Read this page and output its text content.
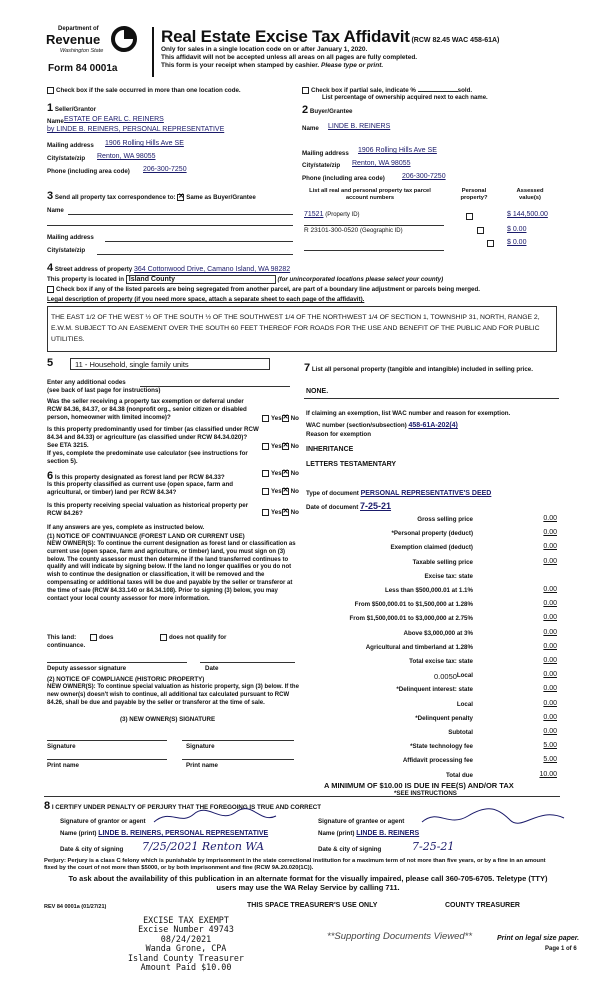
Department of
Revenue
Washington State
Form 84 0001a
Real Estate Excise Tax Affidavit (RCW 82.45 WAC 458-61A)
Only for sales in a single location code on or after January 1, 2020.
This affidavit will not be accepted unless all areas on all pages are fully completed.
This form is your receipt when stamped by cashier. Please type or print.
Check box if the sale occurred in more than one location code.	Check box if partial sale, indicate %	sold.
List percentage of ownership acquired next to each name.
1 Seller/Grantor
Name ESTATE OF EARL C. REINERS
by LINDE B. REINERS, PERSONAL REPRESENTATIVE
Mailing address 1906 Rolling Hills Ave SE
City/state/zip Renton, WA 98055
Phone (including area code) 206-300-7250
2 Buyer/Grantee
Name LINDE B. REINERS
Mailing address 1906 Rolling Hills Ave SE
City/state/zip Renton, WA 98055
Phone (including area code) 206-300-7250
3 Send all property tax correspondence to: ✕ Same as Buyer/Grantee
Name
Mailing address
City/state/zip
List all real and personal property tax parcel account numbers
Personal property?
Assessed value(s)
71521 (Property ID)
	$ 144,500.00
R 23101-300-0520 (Geographic ID)
	$ 0.00
$ 0.00
4 Street address of property 364 Cottonwood Drive, Camano Island, WA 98282
This property is located in Island County	(for unincorporated locations please select your county)
Check box if any of the listed parcels are being segregated from another parcel, are part of a boundary line adjustment or parcels being merged.
Legal description of property (if you need more space, attach a separate sheet to each page of the affidavit).
THE EAST 1/2 OF THE WEST ½ OF THE SOUTH ½ OF THE SOUTHWEST 1/4 OF THE NORTHWEST 1/4 OF SECTION 1, TOWNSHIP 31, NORTH, RANGE 2, E.W.M. SUBJECT TO AN EASEMENT OVER THE SOUTH 60 FEET THEREOF FOR ROADS FOR THE USE AND BENEFIT OF THE PUBLIC AND FOR PUBLIC UTILITIES.
5	11 - Household, single family units
Enter any additional codes
(see back of last page for instructions)
Was the seller receiving a property tax exemption or deferral under RCW 84.36, 84.37, or 84.38 (nonprofit org., senior citizen or disabled person, homeowner with limited income)?	Yes ✕ No
Is this property predominantly used for timber (as classified under RCW 84.34 and 84.33) or agriculture (as classified under RCW 84.34.020)? See ETA 3215.	Yes ✕ No
If yes, complete the predominate use calculator (see instructions for section 5).
6 Is this property designated as forest land per RCW 84.33?
Yes ✕ No
Is this property classified as current use (open space, farm and agricultural, or timber) land per RCW 84.34?	Yes ✕ No
Is this property receiving special valuation as historical property per RCW 84.26?	Yes ✕ No
If any answers are yes, complete as instructed below.
(1) NOTICE OF CONTINUANCE (FOREST LAND OR CURRENT USE)
NEW OWNER(S): To continue the current designation as forest land or classification as current use (open space, farm and agriculture, or timber) land, you must sign on (3) below. The county assessor must then determine if the land transferred continues to qualify and will indicate by signing below. If the land no longer qualifies or you do not wish to continue the designation or classification, it will be removed and the compensating or additional taxes will be due and payable by the seller or transferor at the time of sale (RCW 84.33.140 or 84.34.108). Prior to signing (3) below, you may contact your local county assessor for more information.
This land:	does	does not qualify for
continuance.
Deputy assessor signature	Date
(2) NOTICE OF COMPLIANCE (HISTORIC PROPERTY)
NEW OWNER(S): To continue special valuation as historic property, sign (3) below. If the new owner(s) doesn't wish to continue, all additional tax calculated pursuant to RCW 84.26, shall be due and payable by the seller or transferor at the time of sale.
(3) NEW OWNER(S) SIGNATURE
Signature	Signature
Print name	Print name
7 List all personal property (tangible and intangible) included in selling price.
NONE.
If claiming an exemption, list WAC number and reason for exemption.
WAC number (section/subsection) 458-61A-202(4)
Reason for exemption
INHERITANCE
LETTERS TESTAMENTARY
Type of document PERSONAL REPRESENTATIVE'S DEED
Date of document 7-25-21
Gross selling price	0.00
*Personal property (deduct)	0.00
Exemption claimed (deduct)	0.00
Taxable selling price	0.00
Excise tax: state
Less than $500,000.01 at 1.1%	0.00
From $500,000.01 to $1,500,000 at 1.28%	0.00
From $1,500,000.01 to $3,000,000 at 2.75%	0.00
Above $3,000,000 at 3%	0.00
Agricultural and timberland at 1.28%	0.00
Total excise tax: state	0.00
Local	0.00
*Delinquent interest: state	0.00
Local	0.00
*Delinquent penalty	0.00
Subtotal	0.00
*State technology fee	5.00
Affidavit processing fee	5.00
Total due	10.00
0.0050
A MINIMUM OF $10.00 IS DUE IN FEE(S) AND/OR TAX
*SEE INSTRUCTIONS
8 I CERTIFY UNDER PENALTY OF PERJURY THAT THE FOREGOING IS TRUE AND CORRECT
Signature of grantor or agent
Name (print) LINDE B. REINERS, PERSONAL REPRESENTATIVE
Date & city of signing 7/25/2021 Renton WA
Signature of grantee or agent
Name (print) LINDE B. REINERS
Date & city of signing	7-25-21
Perjury: Perjury is a class C felony which is punishable by imprisonment in the state correctional institution for a maximum term of not more than five years, or by a fine in an amount fixed by the court of not more than $5000, or by both imprisonment and fine (RCW 9A.20.020(1C)).
To ask about the availability of this publication in an alternate format for the visually impaired, please call 360-705-6705. Teletype (TTY) users may use the WA Relay Service by calling 711.
REV 84 0001a (01/27/21)	THIS SPACE TREASURER'S USE ONLY	COUNTY TREASURER
EXCISE TAX EXEMPT
Excise Number 49743
08/24/2021
Wanda Grone, CPA
Island County Treasurer
Amount Paid $10.00
**Supporting Documents Viewed**	Print on legal size paper.
Page 1 of 6
